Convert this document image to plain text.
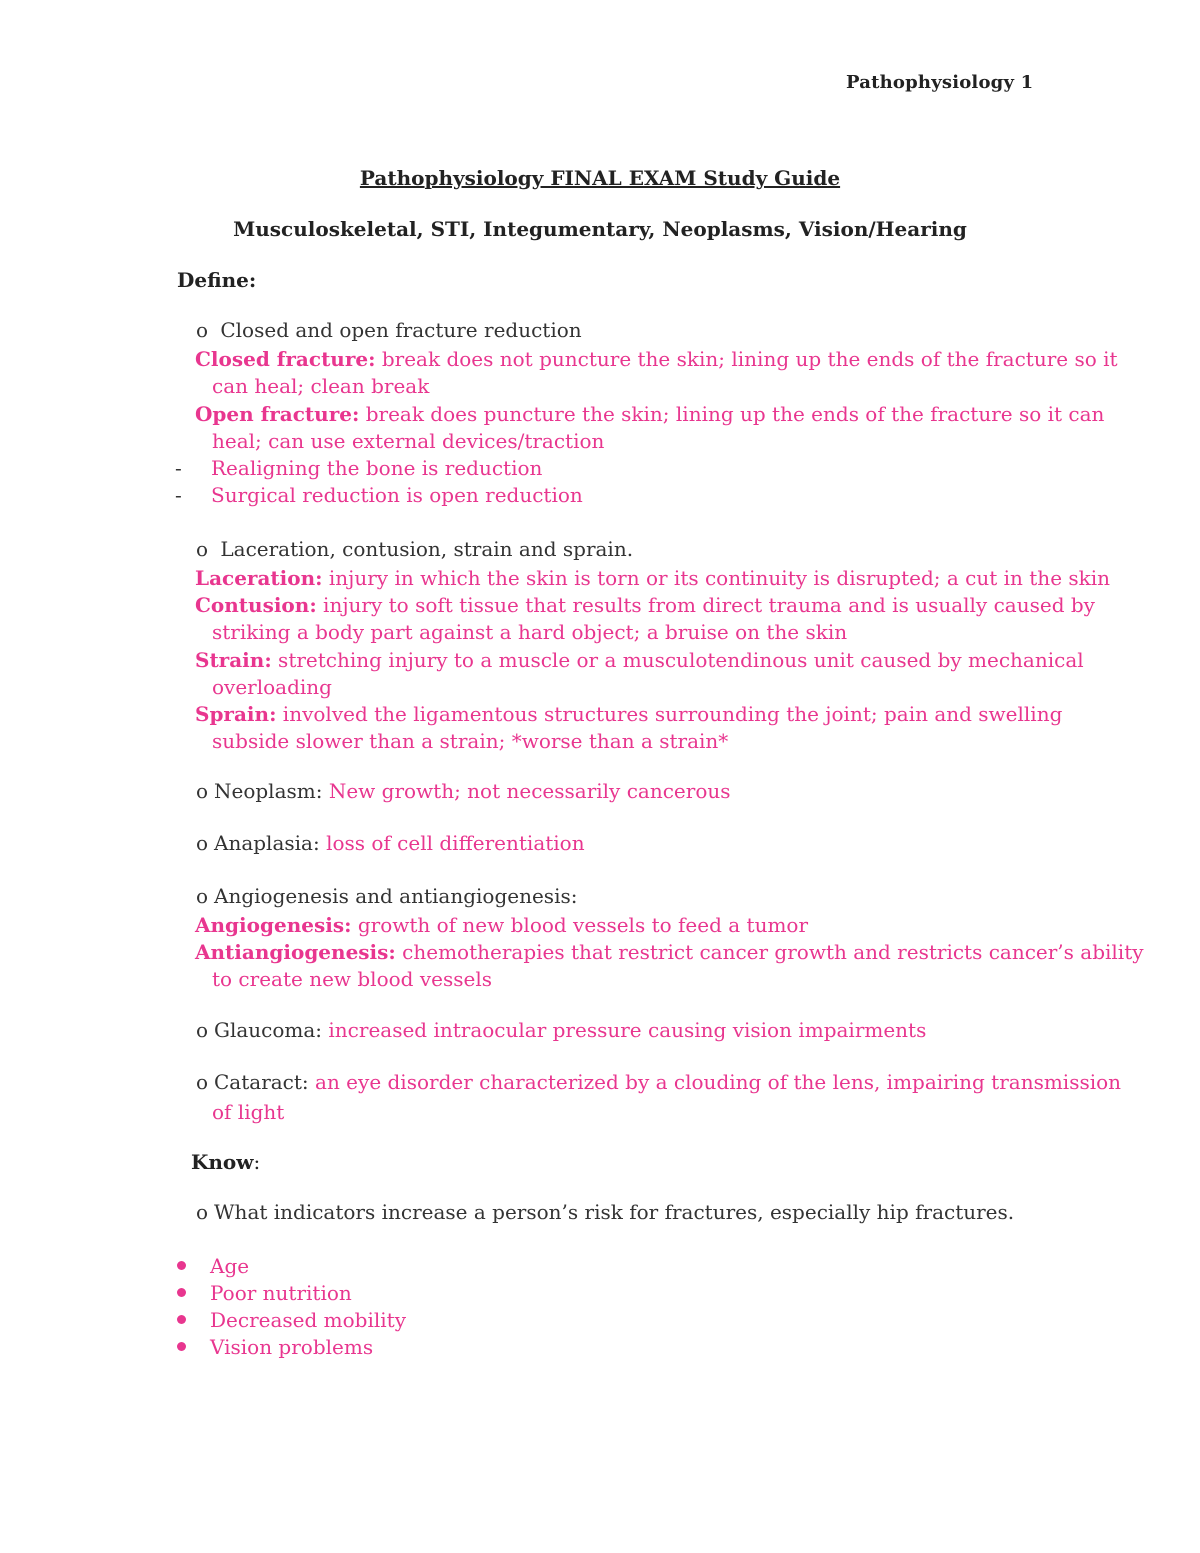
Pathophysiology 1
Pathophysiology FINAL EXAM Study Guide
Musculoskeletal, STI, Integumentary, Neoplasms, Vision/Hearing
Define:
o Closed and open fracture reduction
Closed fracture: break does not puncture the skin; lining up the ends of the fracture so it
can heal; clean break
Open fracture: break does puncture the skin; lining up the ends of the fracture so it can
heal; can use external devices/traction
- Realigning the bone is reduction
- Surgical reduction is open reduction
o Laceration, contusion, strain and sprain.
Laceration: injury in which the skin is torn or its continuity is disrupted; a cut in the skin
Contusion: injury to soft tissue that results from direct trauma and is usually caused by
striking a body part against a hard object; a bruise on the skin
Strain: stretching injury to a muscle or a musculotendinous unit caused by mechanical
overloading
Sprain: involved the ligamentous structures surrounding the joint; pain and swelling
subside slower than a strain; *worse than a strain*
o Neoplasm: New growth; not necessarily cancerous
o Anaplasia: loss of cell differentiation
o Angiogenesis and antiangiogenesis:
Angiogenesis: growth of new blood vessels to feed a tumor
Antiangiogenesis: chemotherapies that restrict cancer growth and restricts cancer’s ability
to create new blood vessels
o Glaucoma: increased intraocular pressure causing vision impairments
o Cataract: an eye disorder characterized by a clouding of the lens, impairing transmission
of light
Know:
o What indicators increase a person’s risk for fractures, especially hip fractures.
Age
Poor nutrition
Decreased mobility
Vision problems
